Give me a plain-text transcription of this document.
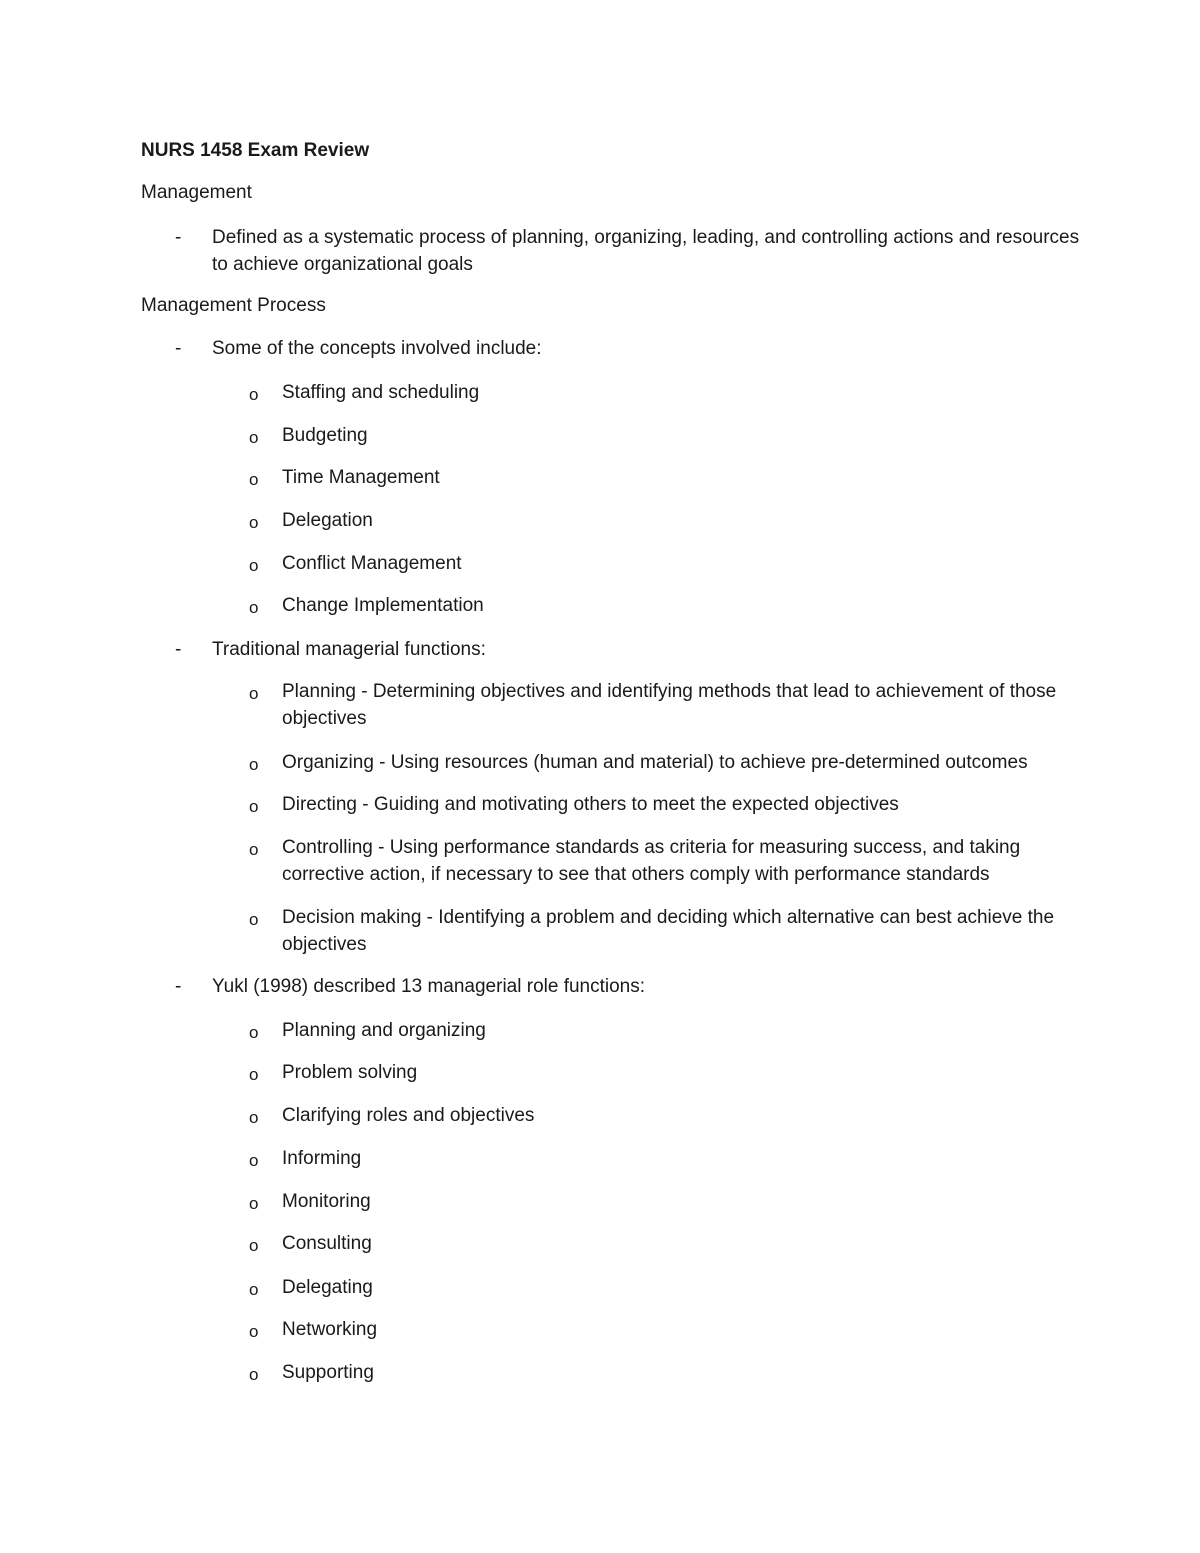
NURS 1458 Exam Review
Management
- Defined as a systematic process of planning, organizing, leading, and controlling actions and resources to achieve organizational goals
Management Process
- Some of the concepts involved include:
o Staffing and scheduling
o Budgeting
o Time Management
o Delegation
o Conflict Management
o Change Implementation
- Traditional managerial functions:
o Planning - Determining objectives and identifying methods that lead to achievement of those objectives
o Organizing - Using resources (human and material) to achieve pre-determined outcomes
o Directing - Guiding and motivating others to meet the expected objectives
o Controlling - Using performance standards as criteria for measuring success, and taking corrective action, if necessary to see that others comply with performance standards
o Decision making - Identifying a problem and deciding which alternative can best achieve the objectives
- Yukl (1998) described 13 managerial role functions:
o Planning and organizing
o Problem solving
o Clarifying roles and objectives
o Informing
o Monitoring
o Consulting
o Delegating
o Networking
o Supporting
